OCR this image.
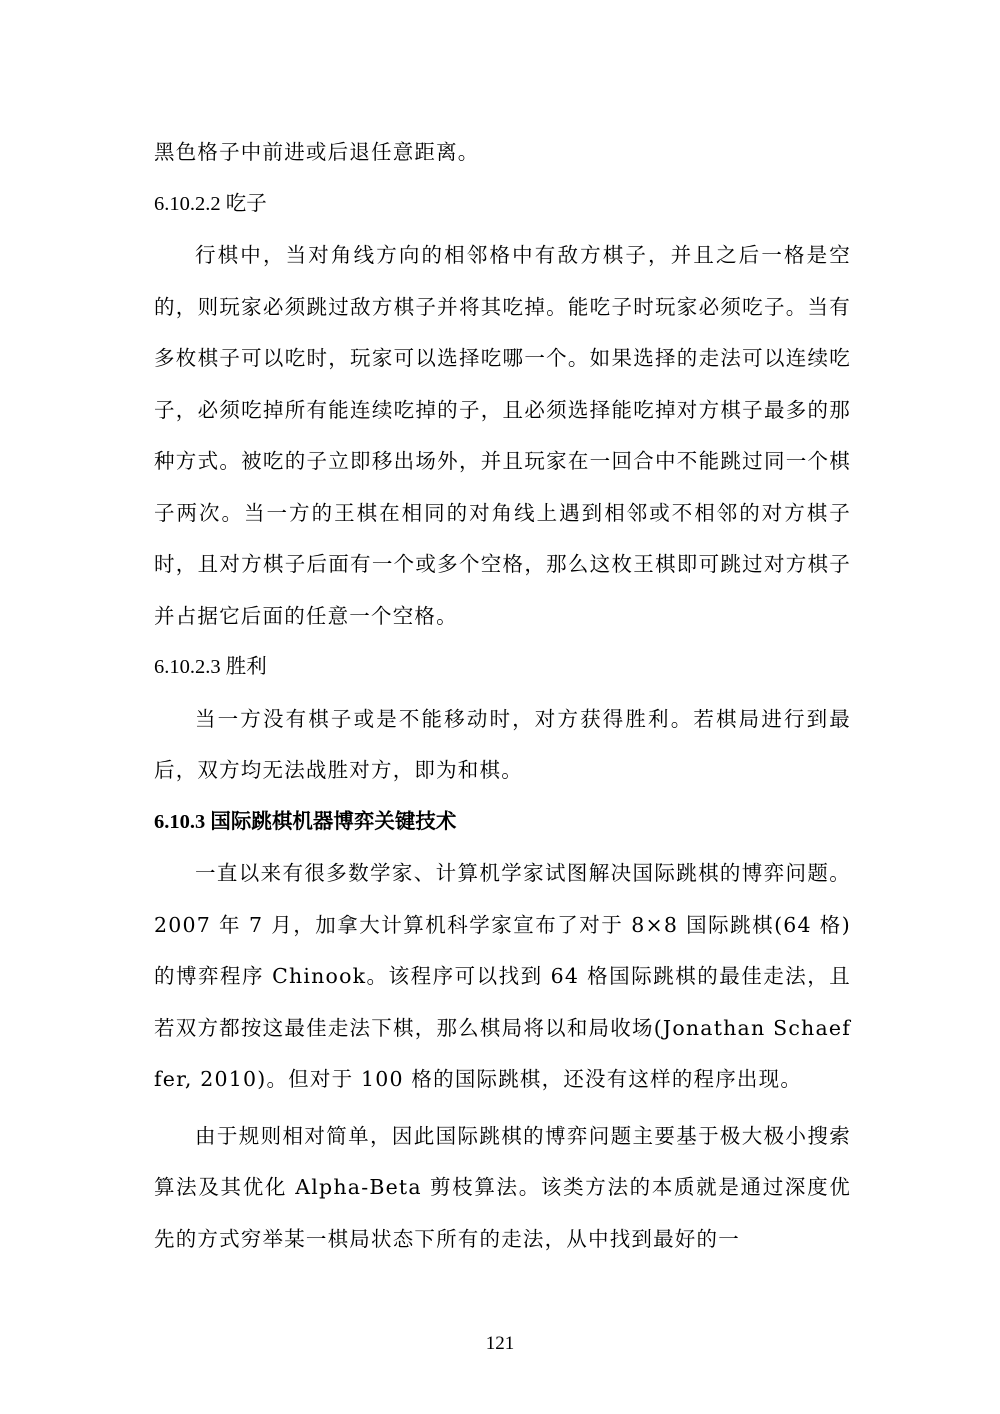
黑色格子中前进或后退任意距离。

6.10.2.2 吃子

行棋中，当对角线方向的相邻格中有敌方棋子，并且之后一格是空的，则玩家必须跳过敌方棋子并将其吃掉。能吃子时玩家必须吃子。当有多枚棋子可以吃时，玩家可以选择吃哪一个。如果选择的走法可以连续吃子，必须吃掉所有能连续吃掉的子，且必须选择能吃掉对方棋子最多的那种方式。被吃的子立即移出场外，并且玩家在一回合中不能跳过同一个棋子两次。当一方的王棋在相同的对角线上遇到相邻或不相邻的对方棋子时，且对方棋子后面有一个或多个空格，那么这枚王棋即可跳过对方棋子并占据它后面的任意一个空格。

6.10.2.3 胜利

当一方没有棋子或是不能移动时，对方获得胜利。若棋局进行到最后，双方均无法战胜对方，即为和棋。

6.10.3 国际跳棋机器博弈关键技术

一直以来有很多数学家、计算机学家试图解决国际跳棋的博弈问题。2007 年 7 月，加拿大计算机科学家宣布了对于 8×8 国际跳棋(64 格)的博弈程序 Chinook。该程序可以找到 64 格国际跳棋的最佳走法，且若双方都按这最佳走法下棋，那么棋局将以和局收场(Jonathan Schaeffer, 2010)。但对于 100 格的国际跳棋，还没有这样的程序出现。

由于规则相对简单，因此国际跳棋的博弈问题主要基于极大极小搜索算法及其优化 Alpha-Beta 剪枝算法。该类方法的本质就是通过深度优先的方式穷举某一棋局状态下所有的走法，从中找到最好的一

121
